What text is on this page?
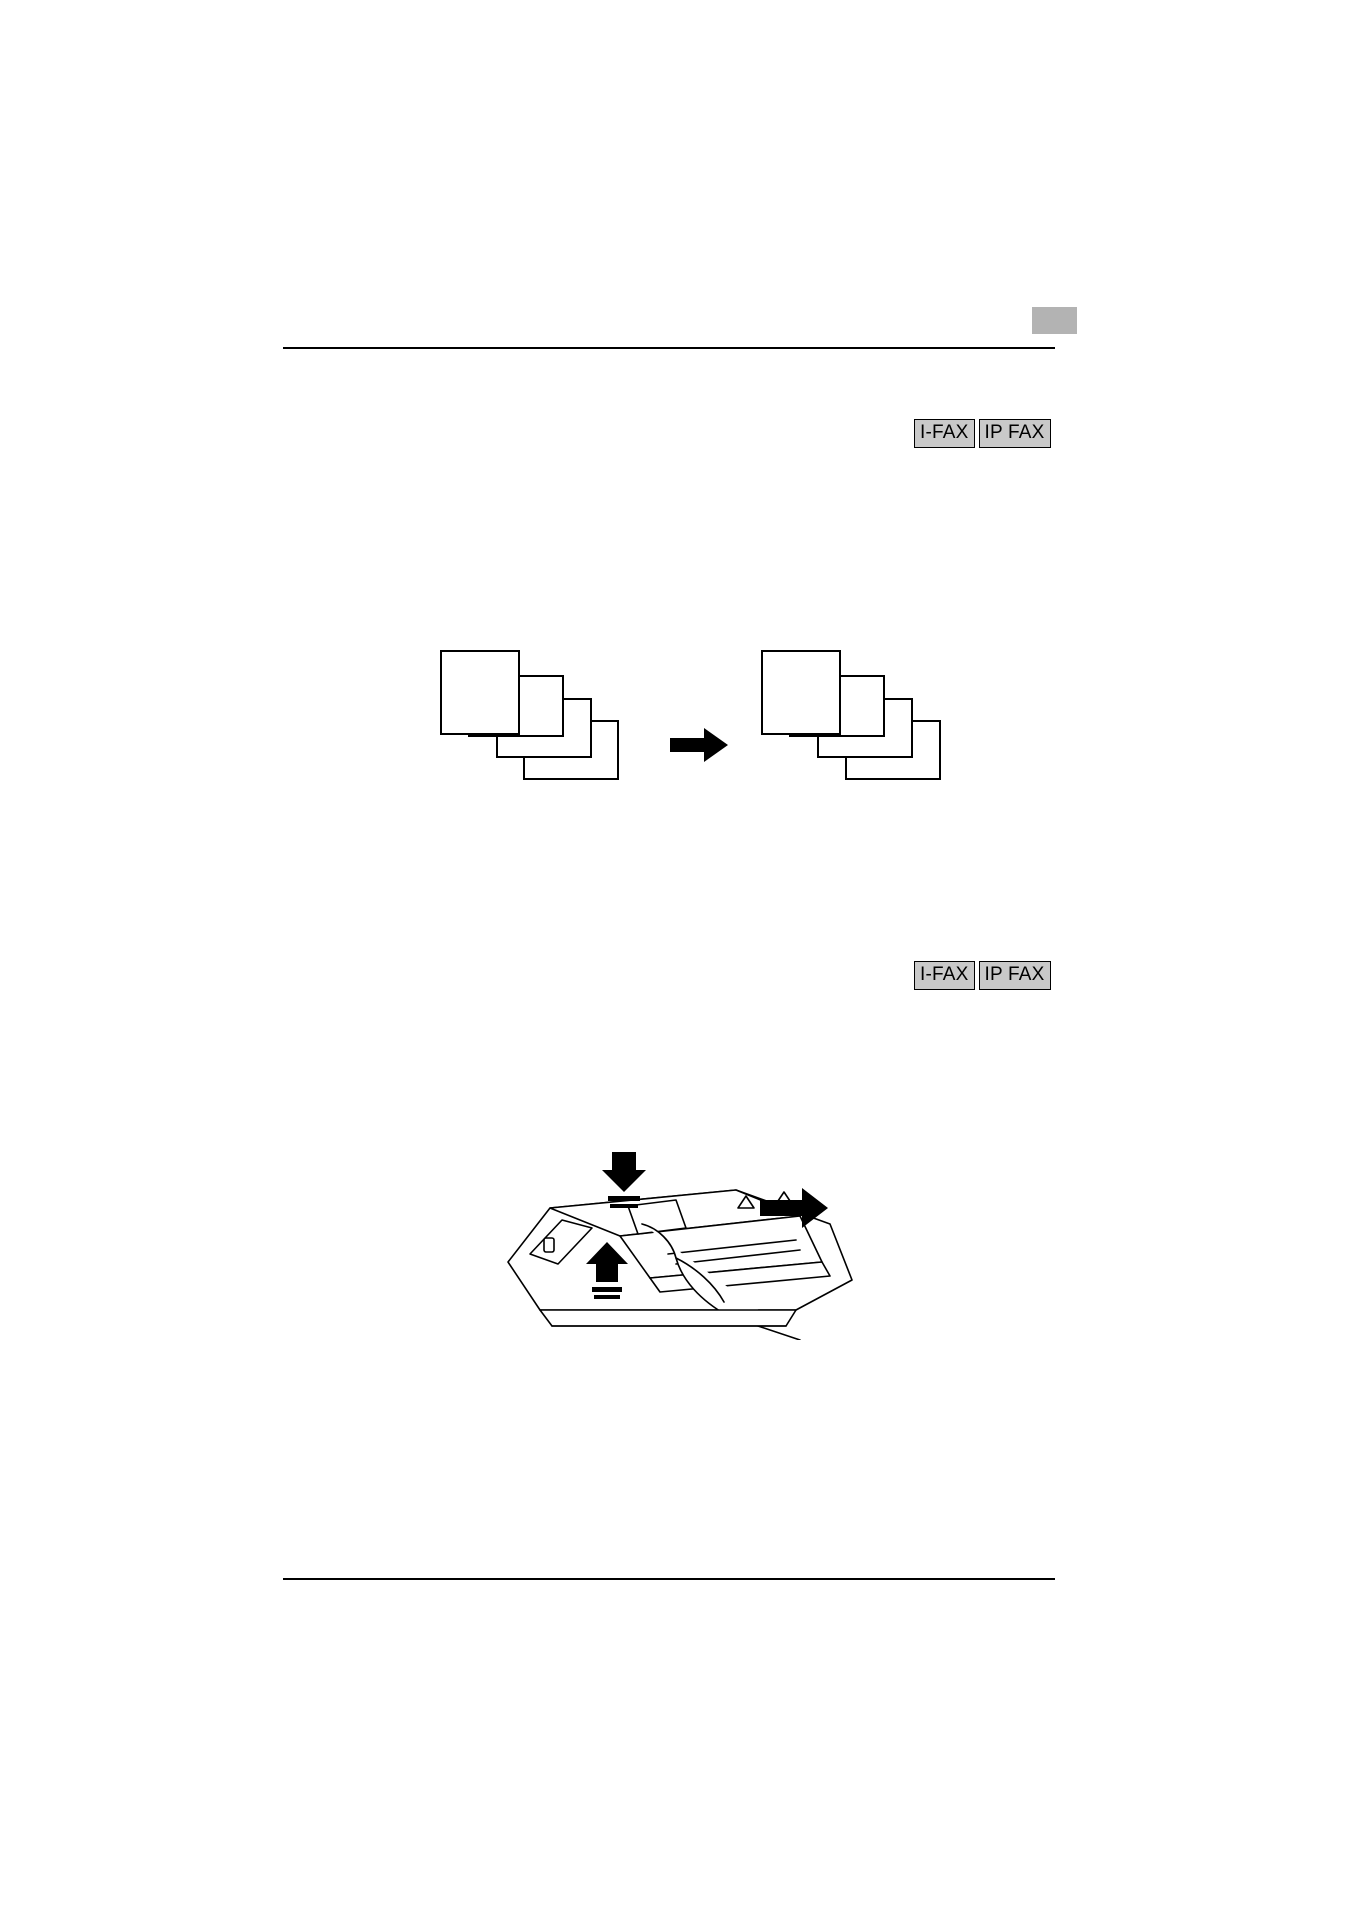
I-FAX IP FAX
I-FAX IP FAX
